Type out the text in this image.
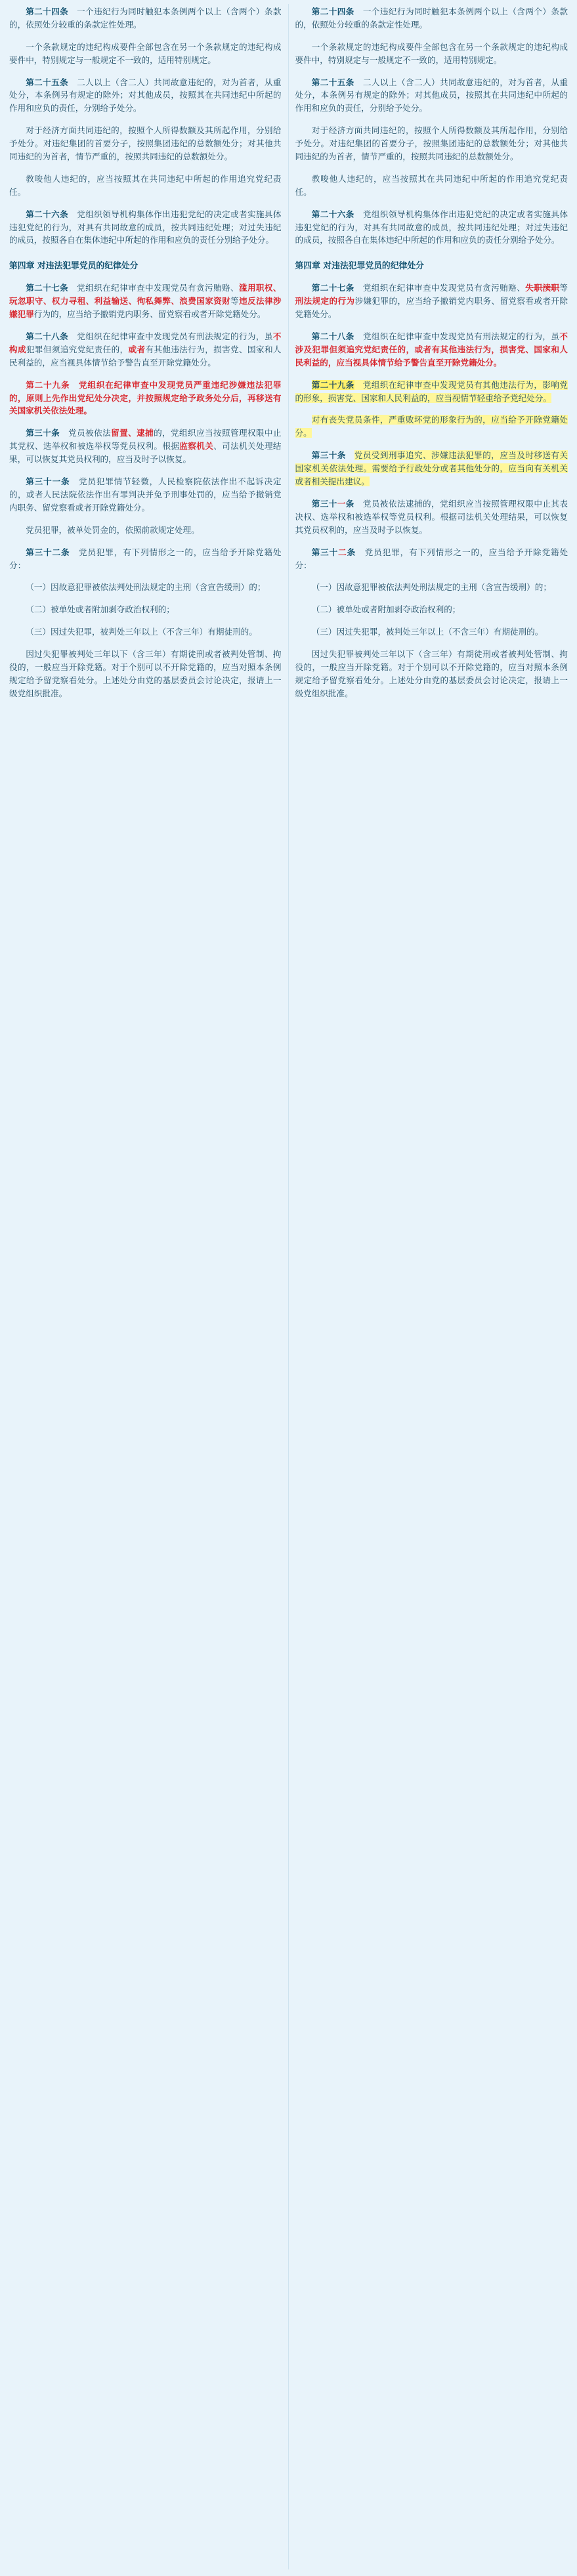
第二十四条　 一个违纪行为同时触犯本条例两个以上（含两个）条款的，依照处分较重的条款定性处理。

一个条款规定的违纪构成要件全部包含在另一个条款规定的违纪构成要件中，特别规定与一般规定不一致的，适用特别规定。

第二十五条　 二人以上（含二人）共同故意违纪的，对为首者，从重处分，本条例另有规定的除外；对其他成员，按照其在共同违纪中所起的作用和应负的责任，分别给予处分。

对于经济方面共同违纪的，按照个人所得数额及其所起作用，分别给予处分。对违纪集团的首要分子，按照集团违纪的总数额处分；对其他共同违纪的为首者，情节严重的，按照共同违纪的总数额处分。

教唆他人违纪的，应当按照其在共同违纪中所起的作用追究党纪责任。

第二十六条　 党组织领导机构集体作出违犯党纪的决定或者实施具体违犯党纪的行为，对具有共同故意的成员，按共同违纪处理；对过失违纪的成员，按照各自在集体违纪中所起的作用和应负的责任分别给予处分。

第四章 对违法犯罪党员的纪律处分

第二十七条　党组织在纪律审查中发现党员有贪污贿赂、滥用职权、玩忽职守、权力寻租、利益输送、徇私舞弊、浪费国家资财等违反法律涉嫌犯罪行为的，应当给予撤销党内职务、留党察看或者开除党籍处分。

第二十八条　党组织在纪律审查中发现党员有刑法规定的行为，虽不构成犯罪但须追究党纪责任的，或者有其他违法行为，损害党、国家和人民利益的，应当视具体情节给予警告直至开除党籍处分。

第二十九条　 党组织在纪律审查中发现党员严重违纪涉嫌违法犯罪的，原则上先作出党纪处分决定，并按照规定给予政务处分后，再移送有关国家机关依法处理。

第三十条　党员被依法留置、逮捕的，党组织应当按照管理权限中止其党权、选举权和被选举权等党员权利。根据监察机关、司法机关处理结果，可以恢复其党员权利的，应当及时予以恢复。

第三十一条　党员犯罪情节轻微，人民检察院依法作出不起诉决定的，或者人民法院依法作出有罪判决并免予刑事处罚的，应当给予撤销党内职务、留党察看或者开除党籍处分。

党员犯罪，被单处罚金的，依照前款规定处理。

第三十二条　党员犯罪，有下列情形之一的，应当给予开除党籍处分：

（一）因故意犯罪被依法判处刑法规定的主刑（含宣告缓刑）的；

（二）被单处或者附加剥夺政治权利的；

（三）因过失犯罪，被判处三年以上（不含三年）有期徒刑的。

因过失犯罪被判处三年以下（含三年）有期徒刑或者被判处管制、拘役的，一般应当开除党籍。对于个别可以不开除党籍的，应当对照本条例规定给予留党察看处分。上述处分由党的基层委员会讨论决定，报请上一级党组织批准。

第二十四条　 一个违纪行为同时触犯本条例两个以上（含两个）条款的，依照处分较重的条款定性处理。

一个条款规定的违纪构成要件全部包含在另一个条款规定的违纪构成要件中，特别规定与一般规定不一致的，适用特别规定。

第二十五条　 二人以上（含二人）共同故意违纪的，对为首者，从重处分，本条例另有规定的除外；对其他成员，按照其在共同违纪中所起的作用和应负的责任，分别给予处分。

对于经济方面共同违纪的，按照个人所得数额及其所起作用，分别给予处分。对违纪集团的首要分子，按照集团违纪的总数额处分；对其他共同违纪的为首者，情节严重的，按照共同违纪的总数额处分。

教唆他人违纪的，应当按照其在共同违纪中所起的作用追究党纪责任。

第二十六条　 党组织领导机构集体作出违犯党纪的决定或者实施具体违犯党纪的行为，对具有共同故意的成员，按共同违纪处理；对过失违纪的成员，按照各自在集体违纪中所起的作用和应负的责任分别给予处分。

第四章 对违法犯罪党员的纪律处分

第二十七条　党组织在纪律审查中发现党员有贪污贿赂、失职渎职等刑法规定的行为涉嫌犯罪的，应当给予撤销党内职务、留党察看或者开除党籍处分。

第二十八条　党组织在纪律审查中发现党员有刑法规定的行为，虽不涉及犯罪但须追究党纪责任的，或者有其他违法行为，损害党、国家和人民利益的，应当视具体情节给予警告直至开除党籍处分。

第二十九条　党组织在纪律审查中发现党员有其他违法行为，影响党的形象，损害党、国家和人民利益的，应当视情节轻重给予党纪处分。

对有丧失党员条件，严重败坏党的形象行为的，应当给予开除党籍处分。

第三十条　 党员受到刑事追究、涉嫌违法犯罪的，应当及时移送有关国家机关依法处理。需要给予行政处分或者其他处分的，应当向有关机关或者相关提出建议。

第三十一条　党员被依法逮捕的，党组织应当按照管理权限中止其表决权、选举权和被选举权等党员权利。根据司法机关处理结果，可以恢复其党员权利的，应当及时予以恢复。

第三十二条　党员犯罪，有下列情形之一的，应当给予开除党籍处分：

（一）因故意犯罪被依法判处刑法规定的主刑（含宣告缓刑）的；

（二）被单处或者附加剥夺政治权利的；

（三）因过失犯罪，被判处三年以上（不含三年）有期徒刑的。

因过失犯罪被判处三年以下（含三年）有期徒刑或者被判处管制、拘役的，一般应当开除党籍。对于个别可以不开除党籍的，应当对照本条例规定给予留党察看处分。上述处分由党的基层委员会讨论决定，报请上一级党组织批准。
